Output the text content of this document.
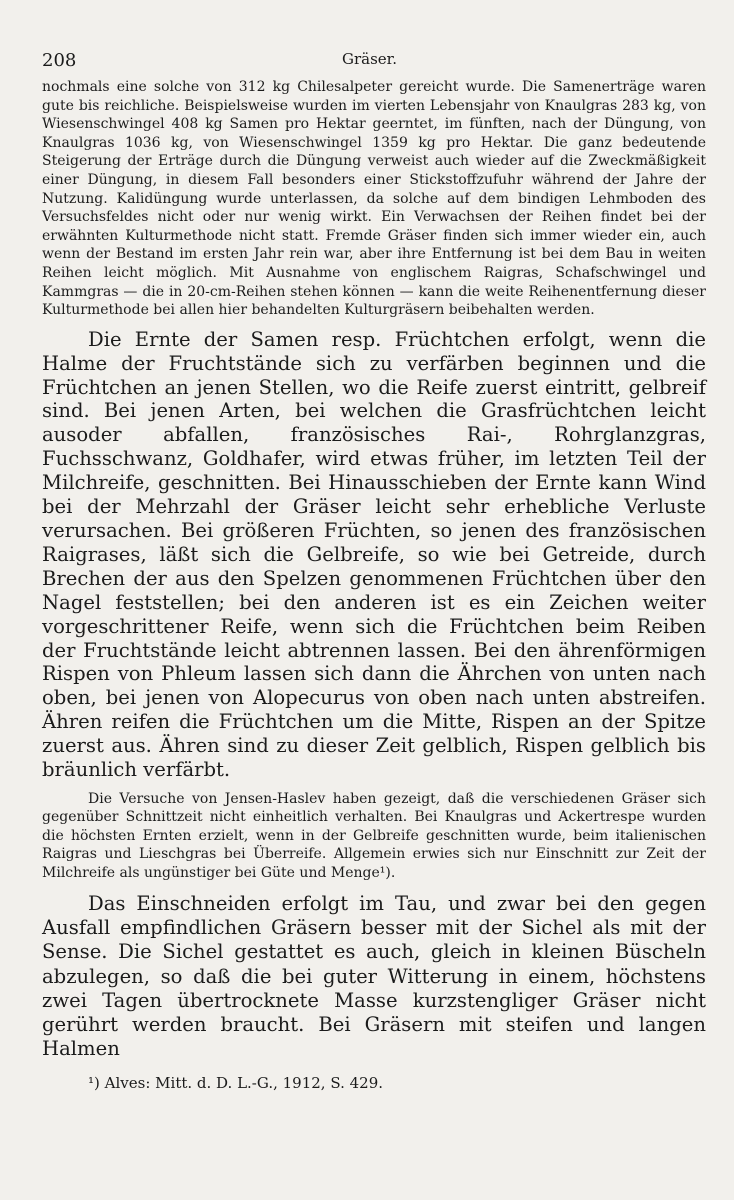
208	Gräser.

nochmals eine solche von 312 kg Chilesalpeter gereicht wurde. Die Samenerträge waren gute bis reichliche. Beispielsweise wurden im vierten Lebensjahr von Knaulgras 283 kg, von Wiesenschwingel 408 kg Samen pro Hektar geerntet, im fünften, nach der Düngung, von Knaulgras 1036 kg, von Wiesenschwingel 1359 kg pro Hektar. Die ganz bedeutende Steigerung der Erträge durch die Düngung verweist auch wieder auf die Zweckmäßigkeit einer Düngung, in diesem Fall besonders einer Stickstoffzufuhr während der Jahre der Nutzung. Kalidüngung wurde unterlassen, da solche auf dem bindigen Lehmboden des Versuchsfeldes nicht oder nur wenig wirkt. Ein Verwachsen der Reihen findet bei der erwähnten Kulturmethode nicht statt. Fremde Gräser finden sich immer wieder ein, auch wenn der Bestand im ersten Jahr rein war, aber ihre Entfernung ist bei dem Bau in weiten Reihen leicht möglich. Mit Ausnahme von englischem Raigras, Schafschwingel und Kammgras — die in 20-cm-Reihen stehen können — kann die weite Reihenentfernung dieser Kulturmethode bei allen hier behandelten Kulturgräsern beibehalten werden.

Die Ernte der Samen resp. Früchtchen erfolgt, wenn die Halme der Fruchtstände sich zu verfärben beginnen und die Früchtchen an jenen Stellen, wo die Reife zuerst eintritt, gelbreif sind. Bei jenen Arten, bei welchen die Grasfrüchtchen leicht ausoder abfallen, französisches Rai-, Rohrglanzgras, Fuchsschwanz, Goldhafer, wird etwas früher, im letzten Teil der Milchreife, geschnitten. Bei Hinausschieben der Ernte kann Wind bei der Mehrzahl der Gräser leicht sehr erhebliche Verluste verursachen. Bei größeren Früchten, so jenen des französischen Raigrases, läßt sich die Gelbreife, so wie bei Getreide, durch Brechen der aus den Spelzen genommenen Früchtchen über den Nagel feststellen; bei den anderen ist es ein Zeichen weiter vorgeschrittener Reife, wenn sich die Früchtchen beim Reiben der Fruchtstände leicht abtrennen lassen. Bei den ährenförmigen Rispen von Phleum lassen sich dann die Ährchen von unten nach oben, bei jenen von Alopecurus von oben nach unten abstreifen. Ähren reifen die Früchtchen um die Mitte, Rispen an der Spitze zuerst aus. Ähren sind zu dieser Zeit gelblich, Rispen gelblich bis bräunlich verfärbt.

Die Versuche von Jensen-Haslev haben gezeigt, daß die verschiedenen Gräser sich gegenüber Schnittzeit nicht einheitlich verhalten. Bei Knaulgras und Ackertrespe wurden die höchsten Ernten erzielt, wenn in der Gelbreife geschnitten wurde, beim italienischen Raigras und Lieschgras bei Überreife. Allgemein erwies sich nur Einschnitt zur Zeit der Milchreife als ungünstiger bei Güte und Menge¹).

Das Einschneiden erfolgt im Tau, und zwar bei den gegen Ausfall empfindlichen Gräsern besser mit der Sichel als mit der Sense. Die Sichel gestattet es auch, gleich in kleinen Büscheln abzulegen, so daß die bei guter Witterung in einem, höchstens zwei Tagen übertrocknete Masse kurzstengliger Gräser nicht gerührt werden braucht. Bei Gräsern mit steifen und langen Halmen

¹) Alves: Mitt. d. D. L.-G., 1912, S. 429.
